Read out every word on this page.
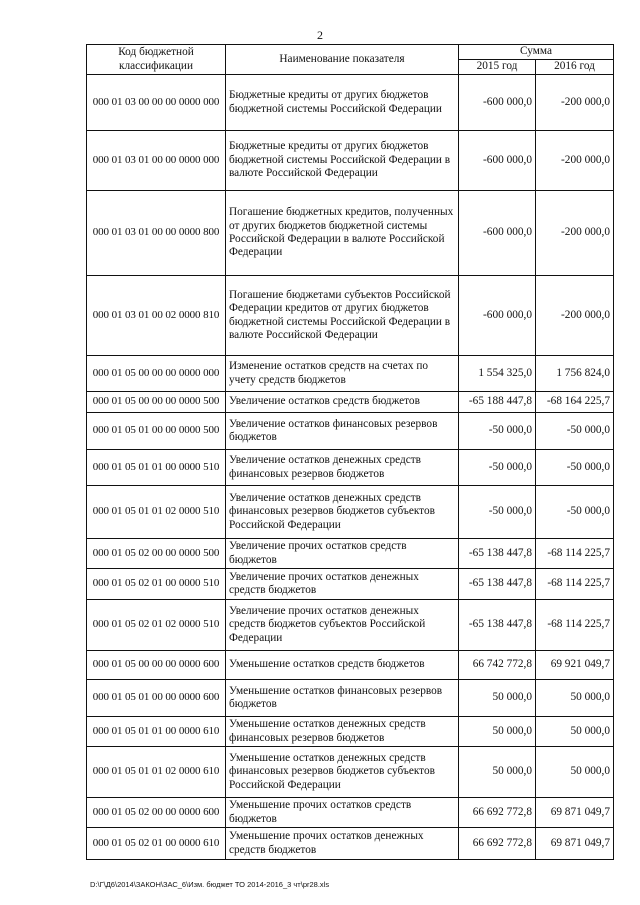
2
Код бюджетной классификации	Наименование показателя	Сумма	
		2015 год	2016 год
000 01 03 00 00 00 0000 000	Бюджетные кредиты от других бюджетов бюджетной системы Российской Федерации	-600 000,0	-200 000,0
000 01 03 01 00 00 0000 000	Бюджетные кредиты от других бюджетов бюджетной системы Российской Федерации в валюте Российской Федерации	-600 000,0	-200 000,0
000 01 03 01 00 00 0000 800	Погашение бюджетных кредитов, полученных от других бюджетов бюджетной системы Российской Федерации в валюте Российской Федерации	-600 000,0	-200 000,0
000 01 03 01 00 02 0000 810	Погашение бюджетами субъектов Российской Федерации кредитов от других бюджетов бюджетной системы Российской Федерации в валюте Российской Федерации	-600 000,0	-200 000,0
000 01 05 00 00 00 0000 000	Изменение остатков средств на счетах по учету средств бюджетов	1 554 325,0	1 756 824,0
000 01 05 00 00 00 0000 500	Увеличение остатков средств бюджетов	-65 188 447,8	-68 164 225,7
000 01 05 01 00 00 0000 500	Увеличение остатков финансовых резервов бюджетов	-50 000,0	-50 000,0
000 01 05 01 01 00 0000 510	Увеличение остатков денежных средств финансовых резервов бюджетов	-50 000,0	-50 000,0
000 01 05 01 01 02 0000 510	Увеличение остатков денежных средств финансовых резервов бюджетов субъектов Российской Федерации	-50 000,0	-50 000,0
000 01 05 02 00 00 0000 500	Увеличение прочих остатков средств бюджетов	-65 138 447,8	-68 114 225,7
000 01 05 02 01 00 0000 510	Увеличение прочих остатков денежных средств бюджетов	-65 138 447,8	-68 114 225,7
000 01 05 02 01 02 0000 510	Увеличение прочих остатков денежных средств бюджетов субъектов Российской Федерации	-65 138 447,8	-68 114 225,7
000 01 05 00 00 00 0000 600	Уменьшение остатков средств бюджетов	66 742 772,8	69 921 049,7
000 01 05 01 00 00 0000 600	Уменьшение остатков финансовых резервов бюджетов	50 000,0	50 000,0
000 01 05 01 01 00 0000 610	Уменьшение остатков денежных средств финансовых резервов бюджетов	50 000,0	50 000,0
000 01 05 01 01 02 0000 610	Уменьшение остатков денежных средств финансовых резервов бюджетов субъектов Российской Федерации	50 000,0	50 000,0
000 01 05 02 00 00 0000 600	Уменьшение прочих остатков средств бюджетов	66 692 772,8	69 871 049,7
000 01 05 02 01 00 0000 610	Уменьшение прочих остатков денежных средств бюджетов	66 692 772,8	69 871 049,7
D:\Г\Д6\2014\ЗАКОН\ЗАС_6\Изм. бюджет ТО 2014-2016_3 чт\pr28.xls
